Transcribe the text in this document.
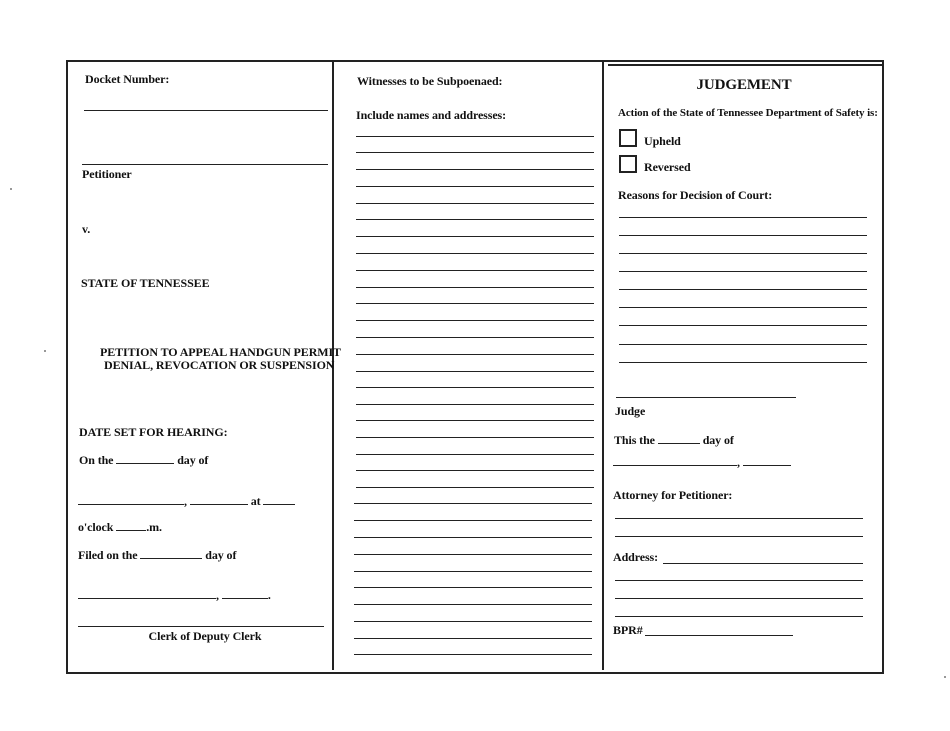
Docket Number:
Petitioner
v.
STATE OF TENNESSEE
PETITION TO APPEAL HANDGUN PERMIT
DENIAL, REVOCATION OR SUSPENSION
DATE SET FOR HEARING:
On the	day of
,	at
o'clock	.m.
Filed on the	day of
,	.
Clerk of Deputy Clerk
Witnesses to be Subpoenaed:
Include names and addresses:
JUDGEMENT
Action of the State of Tennessee Department of Safety is:
Upheld
Reversed
Reasons for Decision of Court:
Judge
This the	day of
,
Attorney for Petitioner:
Address:
BPR#
